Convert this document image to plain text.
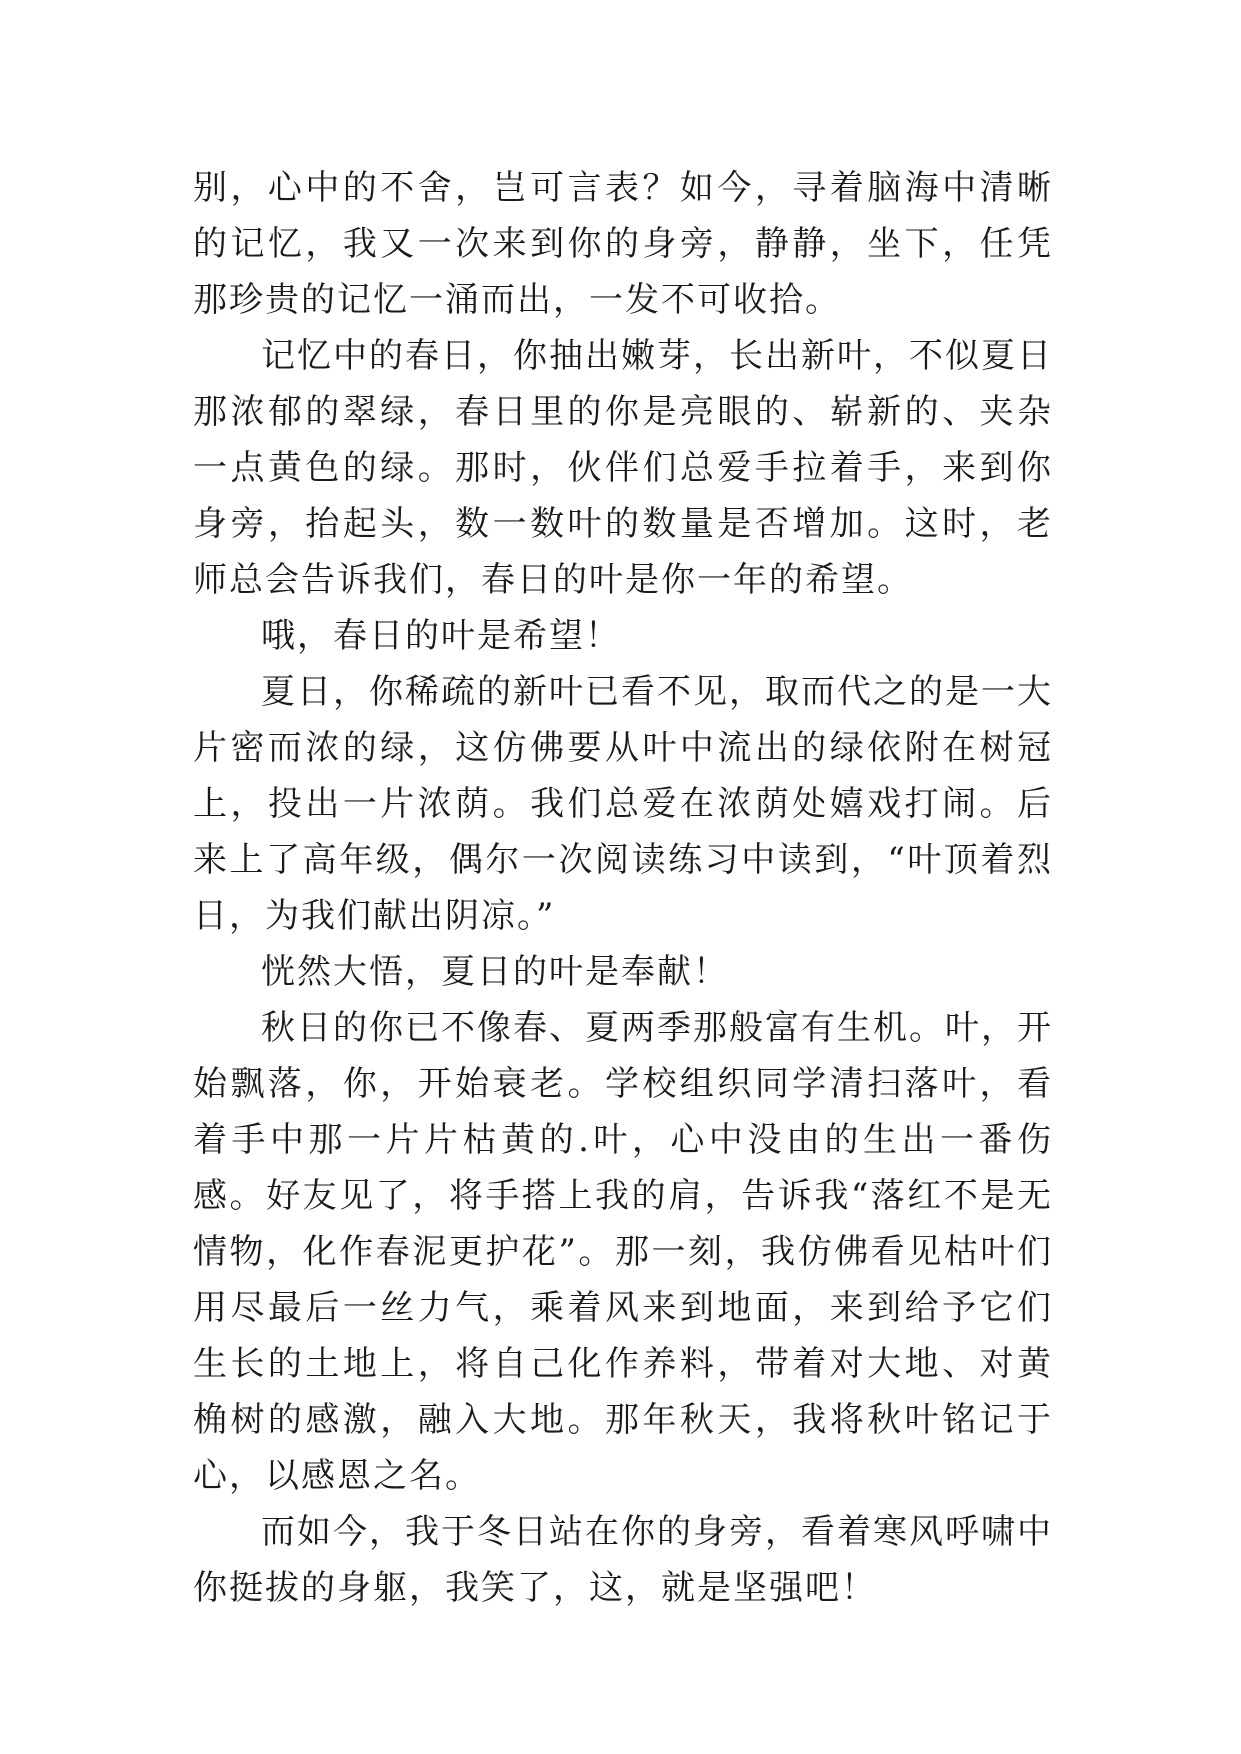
别，心中的不舍，岂可言表？如今，寻着脑海中清晰的记忆，我又一次来到你的身旁，静静，坐下，任凭那珍贵的记忆一涌而出，一发不可收拾。

记忆中的春日，你抽出嫩芽，长出新叶，不似夏日那浓郁的翠绿，春日里的你是亮眼的、崭新的、夹杂一点黄色的绿。那时，伙伴们总爱手拉着手，来到你身旁，抬起头，数一数叶的数量是否增加。这时，老师总会告诉我们，春日的叶是你一年的希望。

哦，春日的叶是希望！

夏日，你稀疏的新叶已看不见，取而代之的是一大片密而浓的绿，这仿佛要从叶中流出的绿依附在树冠上，投出一片浓荫。我们总爱在浓荫处嬉戏打闹。后来上了高年级，偶尔一次阅读练习中读到，“叶顶着烈日，为我们献出阴凉。”

恍然大悟，夏日的叶是奉献！

秋日的你已不像春、夏两季那般富有生机。叶，开始飘落，你，开始衰老。学校组织同学清扫落叶，看着手中那一片片枯黄的.叶，心中没由的生出一番伤感。好友见了，将手搭上我的肩，告诉我“落红不是无情物，化作春泥更护花”。那一刻，我仿佛看见枯叶们用尽最后一丝力气，乘着风来到地面，来到给予它们生长的土地上，将自己化作养料，带着对大地、对黄桷树的感激，融入大地。那年秋天，我将秋叶铭记于心，以感恩之名。

而如今，我于冬日站在你的身旁，看着寒风呼啸中你挺拔的身躯，我笑了，这，就是坚强吧！
